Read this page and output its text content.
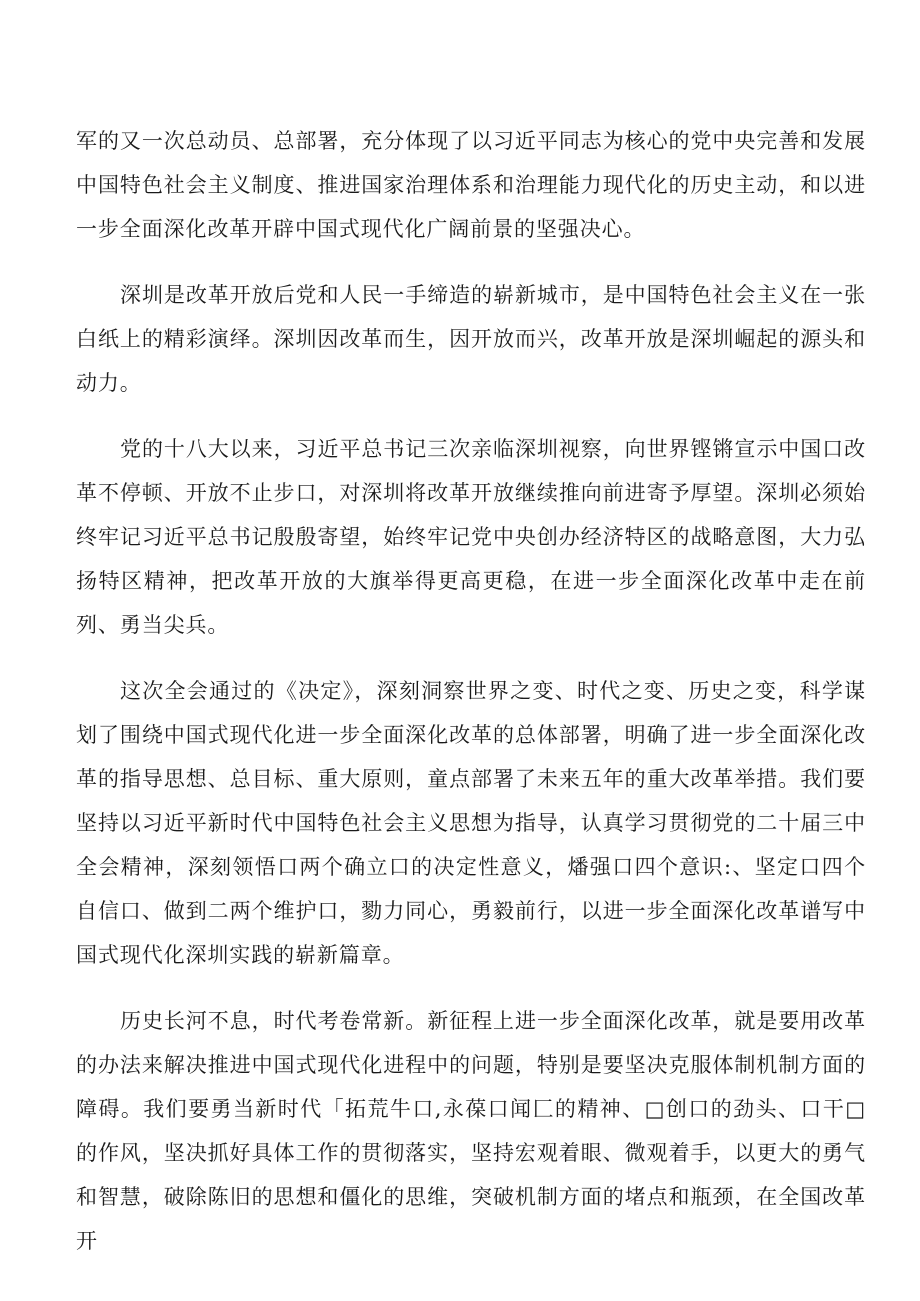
军的又一次总动员、总部署，充分体现了以习近平同志为核心的党中央完善和发展中国特色社会主义制度、推进国家治理体系和治理能力现代化的历史主动，和以进一步全面深化改革开辟中国式现代化广阔前景的坚强决心。

深圳是改革开放后党和人民一手缔造的崭新城市，是中国特色社会主义在一张白纸上的精彩演绎。深圳因改革而生，因开放而兴，改革开放是深圳崛起的源头和动力。

党的十八大以来，习近平总书记三次亲临深圳视察，向世界铿锵宣示中国口改革不停顿、开放不止步口，对深圳将改革开放继续推向前进寄予厚望。深圳必须始终牢记习近平总书记殷殷寄望，始终牢记党中央创办经济特区的战略意图，大力弘扬特区精神，把改革开放的大旗举得更高更稳，在进一步全面深化改革中走在前列、勇当尖兵。

这次全会通过的《决定》，深刻洞察世界之变、时代之变、历史之变，科学谋划了围绕中国式现代化进一步全面深化改革的总体部署，明确了进一步全面深化改革的指导思想、总目标、重大原则，童点部署了未来五年的重大改革举措。我们要坚持以习近平新时代中国特色社会主义思想为指导，认真学习贯彻党的二十届三中全会精神，深刻领悟口两个确立口的决定性意义，燔强口四个意识:、坚定口四个自信口、做到二两个维护口，勠力同心，勇毅前行，以进一步全面深化改革谱写中国式现代化深圳实践的崭新篇章。

历史长河不息，时代考卷常新。新征程上进一步全面深化改革，就是要用改革的办法来解决推进中国式现代化进程中的问题，特别是要坚决克服体制机制方面的障碍。我们要勇当新时代「拓荒牛口,永葆口闻匚的精神、□创口的劲头、口干□的作风，坚决抓好具体工作的贯彻落实，坚持宏观着眼、微观着手，以更大的勇气和智慧，破除陈旧的思想和僵化的思维，突破机制方面的堵点和瓶颈，在全国改革开
